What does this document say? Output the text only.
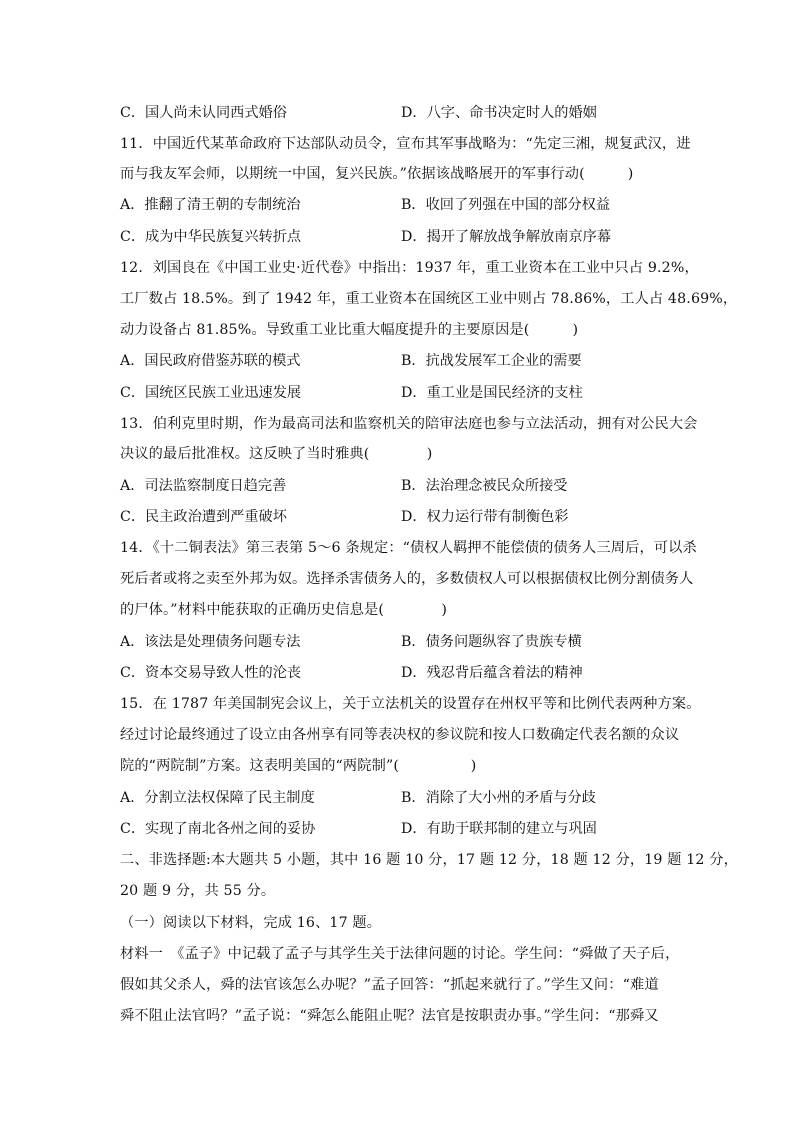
C．国人尚未认同西式婚俗	D．八字、命书决定时人的婚姻
11．中国近代某革命政府下达部队动员令，宣布其军事战略为：“先定三湘，规复武汉，进
而与我友军会师，以期统一中国，复兴民族。”依据该战略展开的军事行动(　　　)
A．推翻了清王朝的专制统治	B．收回了列强在中国的部分权益
C．成为中华民族复兴转折点	D．揭开了解放战争解放南京序幕
12．刘国良在《中国工业史·近代卷》中指出：1937 年，重工业资本在工业中只占 9.2%，
工厂数占 18.5%。到了 1942 年，重工业资本在国统区工业中则占 78.86%，工人占 48.69%，
动力设备占 81.85%。导致重工业比重大幅度提升的主要原因是(　　　)
A．国民政府借鉴苏联的模式	B．抗战发展军工企业的需要
C．国统区民族工业迅速发展	D．重工业是国民经济的支柱
13．伯利克里时期，作为最高司法和监察机关的陪审法庭也参与立法活动，拥有对公民大会
决议的最后批准权。这反映了当时雅典(　　　　)
A．司法监察制度日趋完善	B．法治理念被民众所接受
C．民主政治遭到严重破坏	D．权力运行带有制衡色彩
14．《十二铜表法》第三表第 5～6 条规定：“债权人羁押不能偿债的债务人三周后，可以杀
死后者或将之卖至外邦为奴。选择杀害债务人的，多数债权人可以根据债权比例分割债务人
的尸体。”材料中能获取的正确历史信息是(　　　　)
A．该法是处理债务问题专法	B．债务问题纵容了贵族专横
C．资本交易导致人性的沦丧	D．残忍背后蕴含着法的精神
15．在 1787 年美国制宪会议上，关于立法机关的设置存在州权平等和比例代表两种方案。
经过讨论最终通过了设立由各州享有同等表决权的参议院和按人口数确定代表名额的众议
院的“两院制”方案。这表明美国的“两院制”(　　　　　)
A．分割立法权保障了民主制度	B．消除了大小州的矛盾与分歧
C．实现了南北各州之间的妥协	D．有助于联邦制的建立与巩固
二、非选择题:本大题共 5 小题，其中 16 题 10 分，17 题 12 分，18 题 12 分，19 题 12 分，
20 题 9 分，共 55 分。
（一）阅读以下材料，完成 16、17 题。
材料一　《孟子》中记载了孟子与其学生关于法律问题的讨论。学生问：“舜做了天子后，
假如其父杀人，舜的法官该怎么办呢？”孟子回答：“抓起来就行了。”学生又问：“难道
舜不阻止法官吗？”孟子说：“舜怎么能阻止呢？法官是按职责办事。”学生问：“那舜又
